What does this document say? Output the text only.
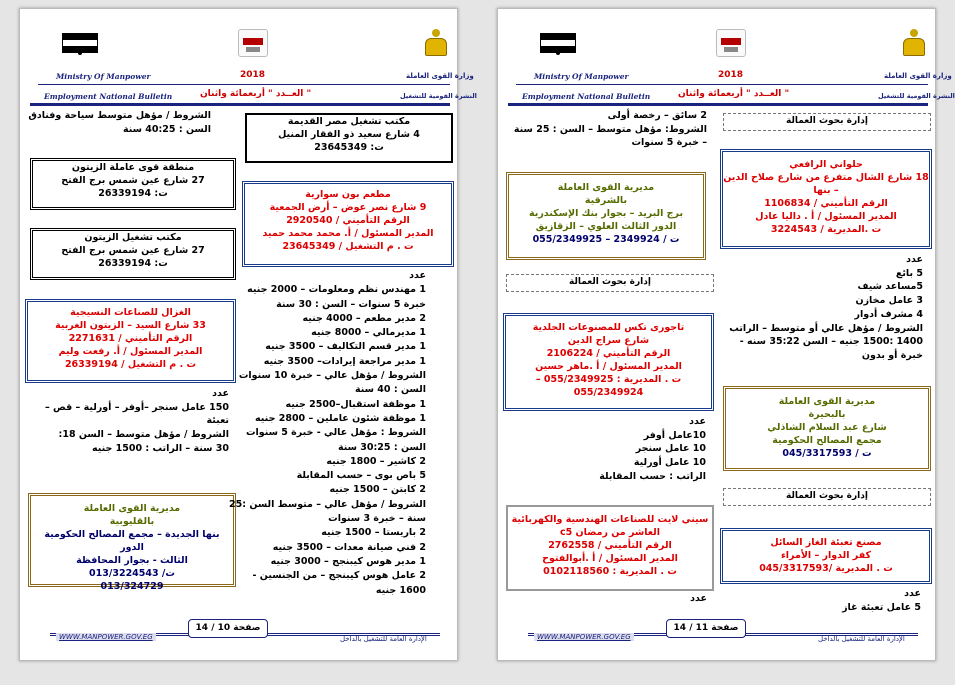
Ministry Of Manpower
Employment National Bulletin
وزارة القوى العاملة
النشرة القومية للتشغيل
2018
العــدد " أربعمائة واثنان "
الشروط / مؤهل متوسط سياحة وفنادق
السن : 40:25 سنة
مكتب تشغيل مصر القديمة
4 شارع سعيد ذو الفقار المنيل
ت: 23645349
منطقة قوى عاملة الزيتون
27 شارع عين شمس برج الفتح
ت: 26339194
مكتب تشغيل الزيتون
27 شارع عين شمس برج الفتح
ت: 26339194
مطعم بون سوارية
9 شارع نصر عوض – أرض الجمعية
الرقم التأميني / 2920540
المدير المسئول / أ. محمد محمد حميد
ت . م التشغيل / 23645349
الغزال للصناعات النسيجية
33 شارع السيد – الزيتون الغربية
الرقم التأميني / 2271631
المدير المسئول / أ. رفعت وليم
ت . م التشغيل / 26339194
عدد
150 عامل سنجر –أوفر – أورلية – قص –
تعبئة
الشروط / مؤهل متوسط – السن 18:
30 سنة – الراتب : 1500 جنيه
مديرية القوى العاملة
بالقليوبية
بنها الجديدة – مجمع المصالح الحكومية الدور
الثالث - بجوار المحافظة
ت/ 013/3224543
013/324729
عدد
1 مهندس نظم ومعلومات – 2000 جنيه
خبرة 5 سنوات – السن : 30 سنة
2 مدير مطعم – 4000 جنيه
1 مديرمالي – 8000 جنيه
1 مدير قسم التكاليف – 3500 جنيه
1 مدير مراجعة إيرادات– 3500 جنيه
الشروط / مؤهل عالي – خبرة 10 سنوات
السن : 40 سنة
1 موظفة استقبال–2500 جنيه
1 موظفة شئون عاملين – 2800 جنيه
الشروط : مؤهل عالي - خبرة 5 سنوات
السن : 30:25 سنة
2 كاشير – 1800 جنيه
5 باص بوى – حسب المقابلة
2 كابتن – 1500 جنيه
الشروط / مؤهل عالي – متوسط السن :25
سنة – خبرة 3 سنوات
2 باريستا – 1500 جنيه
2 فني صيانة معدات – 3500 جنيه
1 مدير هوس كيبنجج – 3000 جنيه
2 عامل هوس كيبنجج – من الجنسين -
1600 جنيه
WWW.MANPOWER.GOV.EG	الإدارة العامة للتشغيل بالداخل
صفحة 10 / 14
Ministry Of Manpower
Employment National Bulletin
وزارة القوى العاملة
النشرة القومية للتشغيل
2018
العــدد " أربعمائة واثنان "
2 سائق – رخصة أولى
الشروط: مؤهل متوسط – السن : 25 سنة
– خبرة 5 سنوات
إدارة بحوث العمالة
حلواني الرافعي
18 شارع الشال متفرع من شارع صلاح الدين
– بنها
الرقم التأميني / 1106834
المدير المسئول / أ . داليا عادل
ت .المديرية / 3224543
مديرية القوى العاملة
بالشرقية
برج البريد – بجوار بنك الإسكندرية
الدور الثالث العلوي – الزقازيق
ت / 2349924 – 055/2349925
عدد
5 بائع
5مساعد شيف
3 عامل مخازن
4 مشرف أدوار
الشروط / مؤهل عالي أو متوسط – الراتب
1400 :1500 جنيه – السن 35:22 سنه -
خبرة أو بدون
إدارة بحوث العمالة
تاجورى تكس للمصنوعات الجلدية
شارع سراج الدين
الرقم التأميني / 2106224
المدير المسئول / أ .ماهر حسين
ت . المديرية : 055/2349925 –
055/2349924
مديرية القوى العاملة
بالبحيرة
شارع عبد السلام الشاذلي
مجمع المصالح الحكومية
ت / 045/3317593
عدد
10عامل أوفر
10 عامل سنجر
10 عامل أورلية
الراتب : حسب المقابلة
إدارة بحوث العمالة
سيني لايت للصناعات الهندسية والكهربائية
العاشر من رمضان c5
الرقم التأميني / 2762558
المدير المسئول / أ .أبوالفتوح
ت . المديرية : 0102118560
مصنع تعبئة الغاز السائل
كفر الدوار – الأمراء
ت . المديرية /045/3317593
عدد
5 عامل تعبئة غاز
عدد
WWW.MANPOWER.GOV.EG	الإدارة العامة للتشغيل بالداخل
صفحة 11 / 14
